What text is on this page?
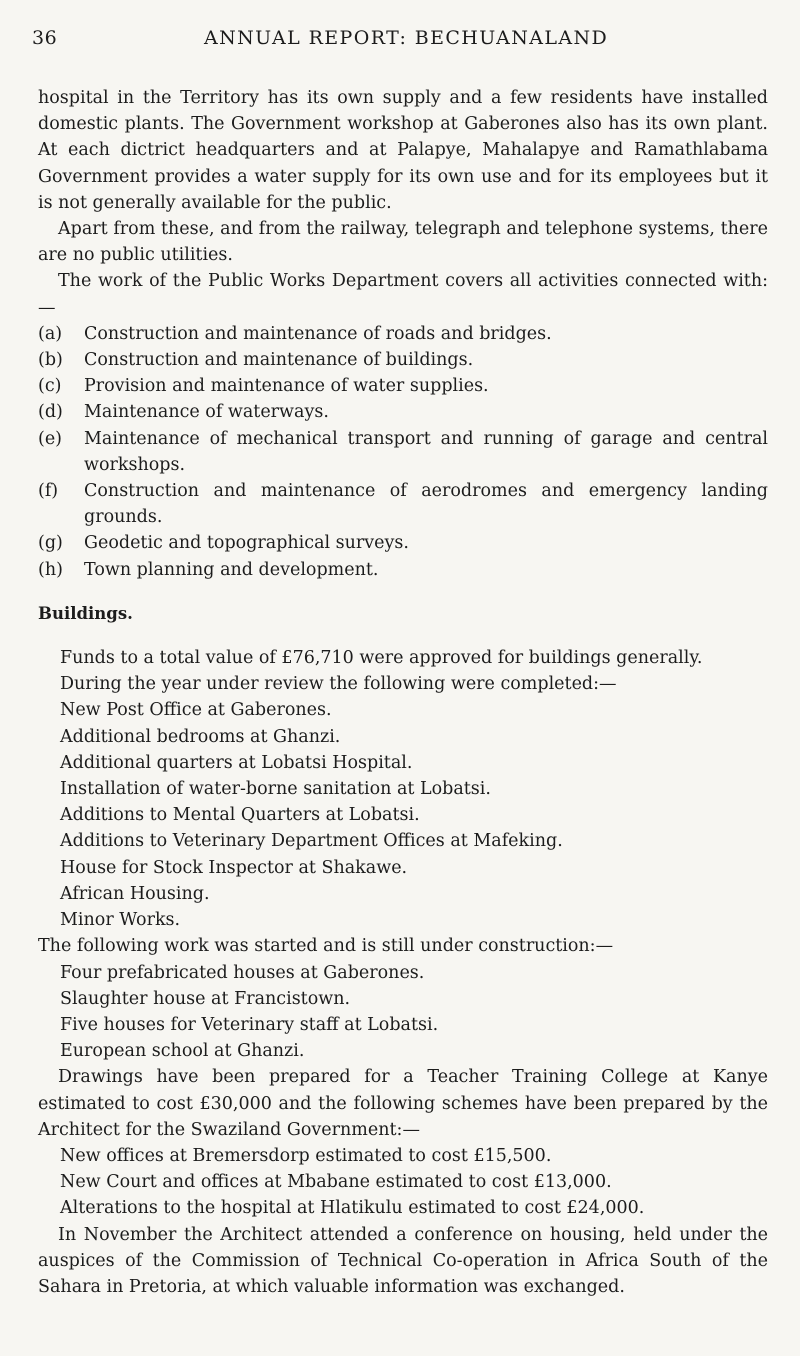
36	ANNUAL REPORT: BECHUANALAND

hospital in the Territory has its own supply and a few residents have installed domestic plants. The Government workshop at Gaberones also has its own plant. At each dictrict headquarters and at Palapye, Mahalapye and Ramathlabama Government provides a water supply for its own use and for its employees but it is not generally available for the public.

Apart from these, and from the railway, telegraph and telephone systems, there are no public utilities.

The work of the Public Works Department covers all activities connected with:—

(a) Construction and maintenance of roads and bridges.
(b) Construction and maintenance of buildings.
(c) Provision and maintenance of water supplies.
(d) Maintenance of waterways.
(e) Maintenance of mechanical transport and running of garage and central workshops.
(f) Construction and maintenance of aerodromes and emergency landing grounds.
(g) Geodetic and topographical surveys.
(h) Town planning and development.

Buildings.

Funds to a total value of £76,710 were approved for buildings generally.

During the year under review the following were completed:—

New Post Office at Gaberones.
Additional bedrooms at Ghanzi.
Additional quarters at Lobatsi Hospital.
Installation of water-borne sanitation at Lobatsi.
Additions to Mental Quarters at Lobatsi.
Additions to Veterinary Department Offices at Mafeking.
House for Stock Inspector at Shakawe.
African Housing.
Minor Works.

The following work was started and is still under construction:—

Four prefabricated houses at Gaberones.
Slaughter house at Francistown.
Five houses for Veterinary staff at Lobatsi.
European school at Ghanzi.

Drawings have been prepared for a Teacher Training College at Kanye estimated to cost £30,000 and the following schemes have been prepared by the Architect for the Swaziland Government:—

New offices at Bremersdorp estimated to cost £15,500.
New Court and offices at Mbabane estimated to cost £13,000.
Alterations to the hospital at Hlatikulu estimated to cost £24,000.

In November the Architect attended a conference on housing, held under the auspices of the Commission of Technical Co-operation in Africa South of the Sahara in Pretoria, at which valuable information was exchanged.
